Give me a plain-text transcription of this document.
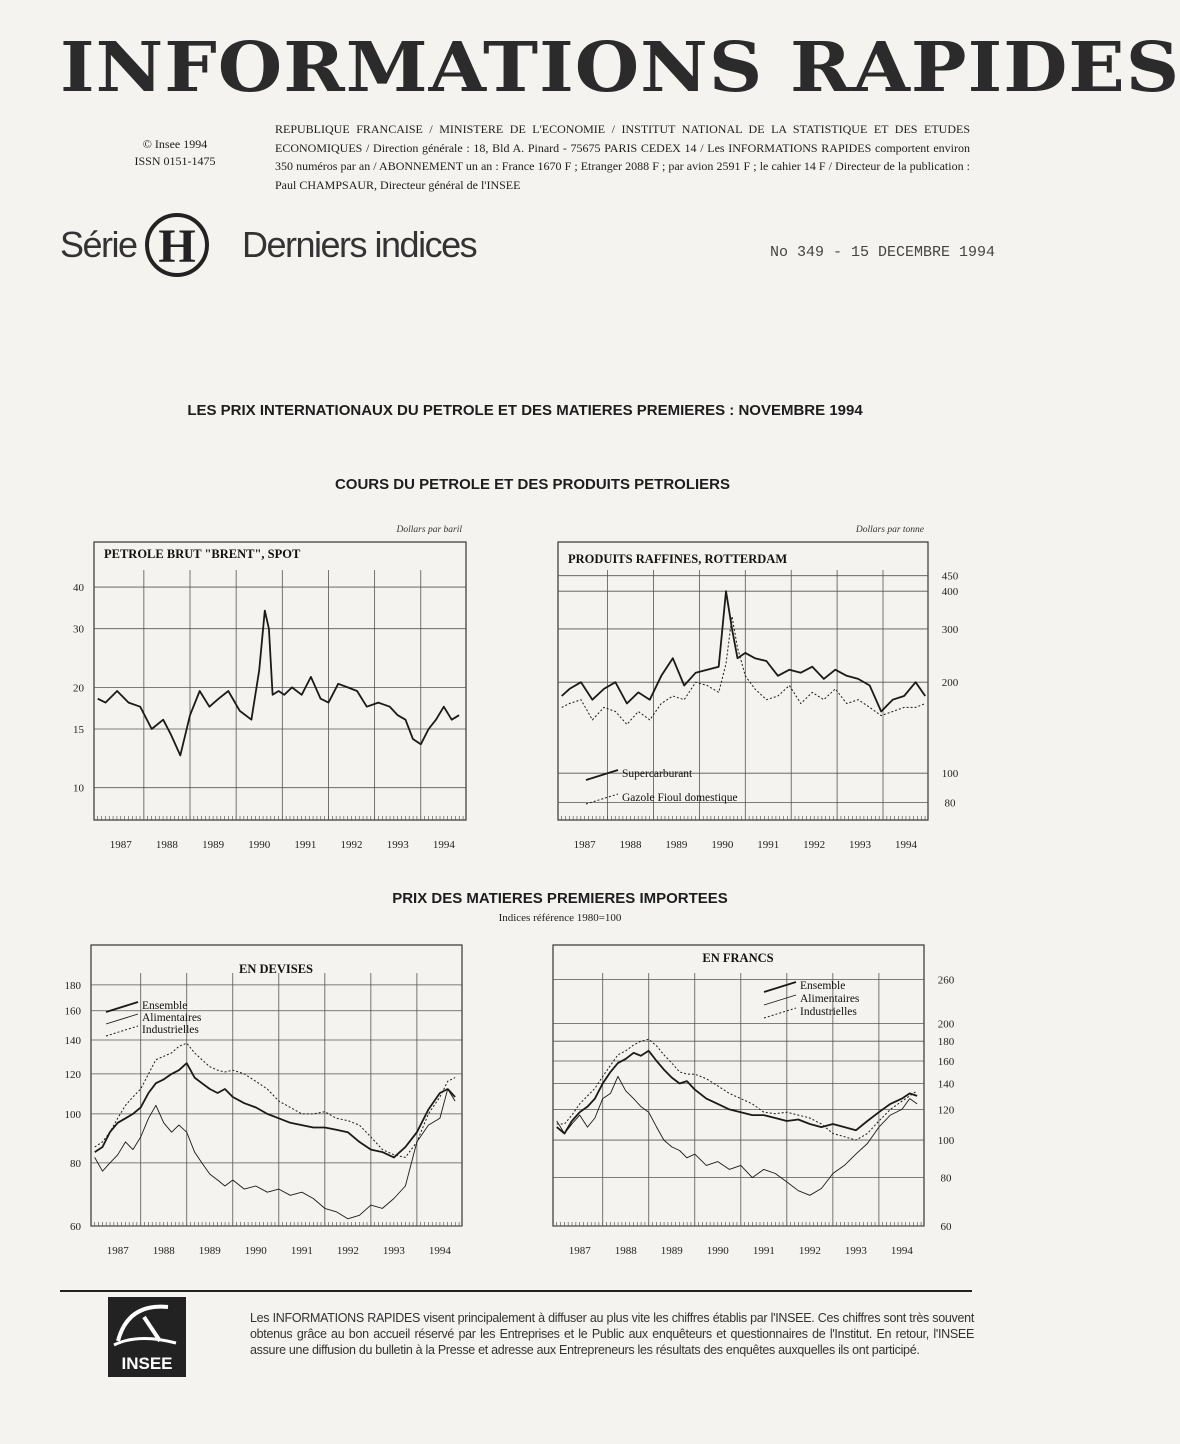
INFORMATIONS RAPIDES
© Insee 1994
ISSN 0151-1475
REPUBLIQUE FRANCAISE / MINISTERE DE L'ECONOMIE / INSTITUT NATIONAL DE LA STATISTIQUE ET DES ETUDES ECONOMIQUES / Direction générale : 18, Bld A. Pinard - 75675 PARIS CEDEX 14 / Les INFORMATIONS RAPIDES comportent environ 350 numéros par an / ABONNEMENT un an : France 1670 F ; Etranger 2088 F ; par avion 2591 F ; le cahier 14 F / Directeur de la publication : Paul CHAMPSAUR, Directeur général de l'INSEE
Série H Derniers indices	No 349 - 15 DECEMBRE 1994
LES PRIX INTERNATIONAUX DU PETROLE ET DES MATIERES PREMIERES : NOVEMBRE 1994
COURS DU PETROLE ET DES PRODUITS PETROLIERS
PRIX DES MATIERES PREMIERES IMPORTEES
Indices référence 1980=100
1987 1988 1989 1990 1991 1992 1993 1994
10
15
20
30
40
PETROLE BRUT "BRENT", SPOT
Dollars par baril
1987 1988 1989 1990 1991 1992 1993 1994
80
100
200
300
400
450
PRODUITS RAFFINES, ROTTERDAM
Dollars par tonne
Supercarburant
Gazole Fioul domestique
1987 1988 1989 1990 1991 1992 1993 1994
60
80
100
120
140
160
180
EN DEVISES
Ensemble
Alimentaires
Industrielles
1987 1988 1989 1990 1991 1992 1993 1994
60
80
100
120
140
160
180
200
260
EN FRANCS
Ensemble
Alimentaires
Industrielles
INSEE
Les INFORMATIONS RAPIDES visent principalement à diffuser au plus vite les chiffres établis par l'INSEE. Ces chiffres sont très souvent obtenus grâce au bon accueil réservé par les Entreprises et le Public aux enquêteurs et questionnaires de l'Institut. En retour, l'INSEE assure une diffusion du bulletin à la Presse et adresse aux Entrepreneurs les résultats des enquêtes auxquelles ils ont participé.
